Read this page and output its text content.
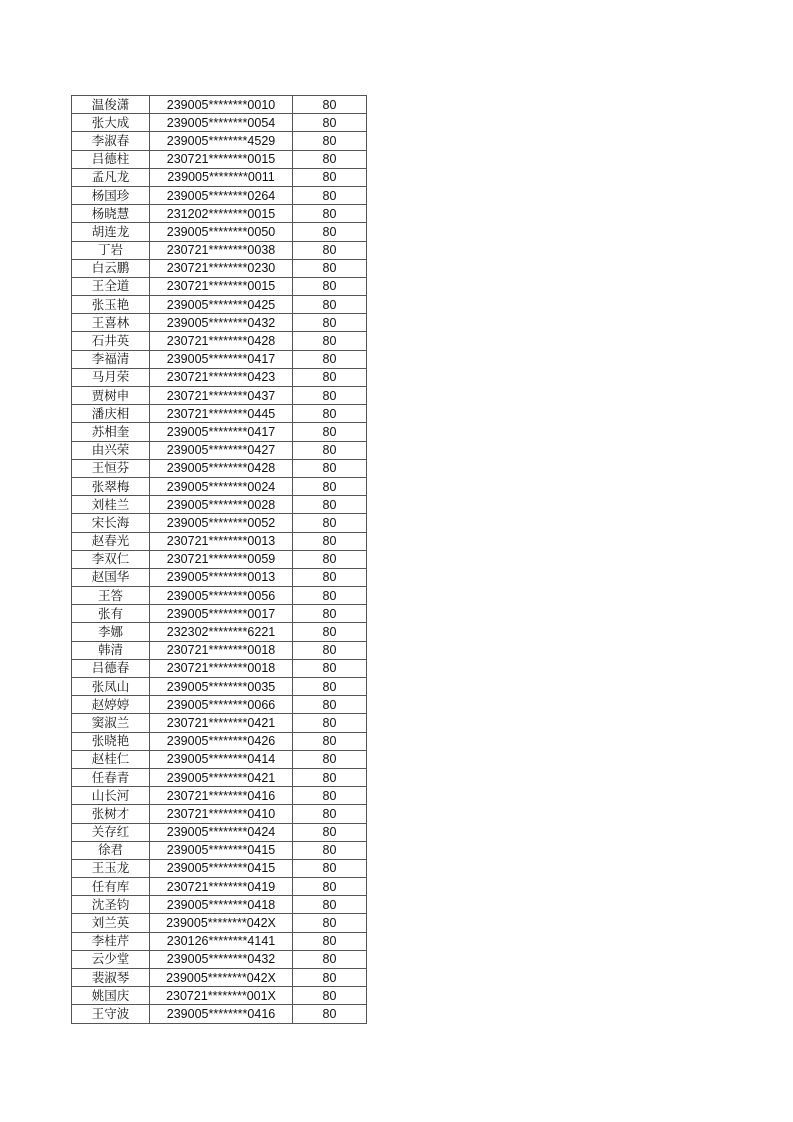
温俊潇	239005********0010	80
张大成	239005********0054	80
李淑春	239005********4529	80
吕德柱	230721********0015	80
孟凡龙	239005********0011	80
杨国珍	239005********0264	80
杨晓慧	231202********0015	80
胡连龙	239005********0050	80
丁岩	230721********0038	80
白云鹏	230721********0230	80
王全道	230721********0015	80
张玉艳	239005********0425	80
王喜林	239005********0432	80
石井英	230721********0428	80
李福清	239005********0417	80
马月荣	230721********0423	80
贾树申	230721********0437	80
潘庆相	230721********0445	80
苏相奎	239005********0417	80
由兴荣	239005********0427	80
王恒芬	239005********0428	80
张翠梅	239005********0024	80
刘桂兰	239005********0028	80
宋长海	239005********0052	80
赵春光	230721********0013	80
李双仁	230721********0059	80
赵国华	239005********0013	80
王答	239005********0056	80
张有	239005********0017	80
李娜	232302********6221	80
韩清	230721********0018	80
吕德春	230721********0018	80
张凤山	239005********0035	80
赵婷婷	239005********0066	80
窦淑兰	230721********0421	80
张晓艳	239005********0426	80
赵桂仁	239005********0414	80
任春青	239005********0421	80
山长河	230721********0416	80
张树才	230721********0410	80
关存红	239005********0424	80
徐君	239005********0415	80
王玉龙	239005********0415	80
任有库	230721********0419	80
沈圣钧	239005********0418	80
刘兰英	239005********042X	80
李桂芹	230126********4141	80
云少堂	239005********0432	80
裴淑琴	239005********042X	80
姚国庆	230721********001X	80
王守波	239005********0416	80
